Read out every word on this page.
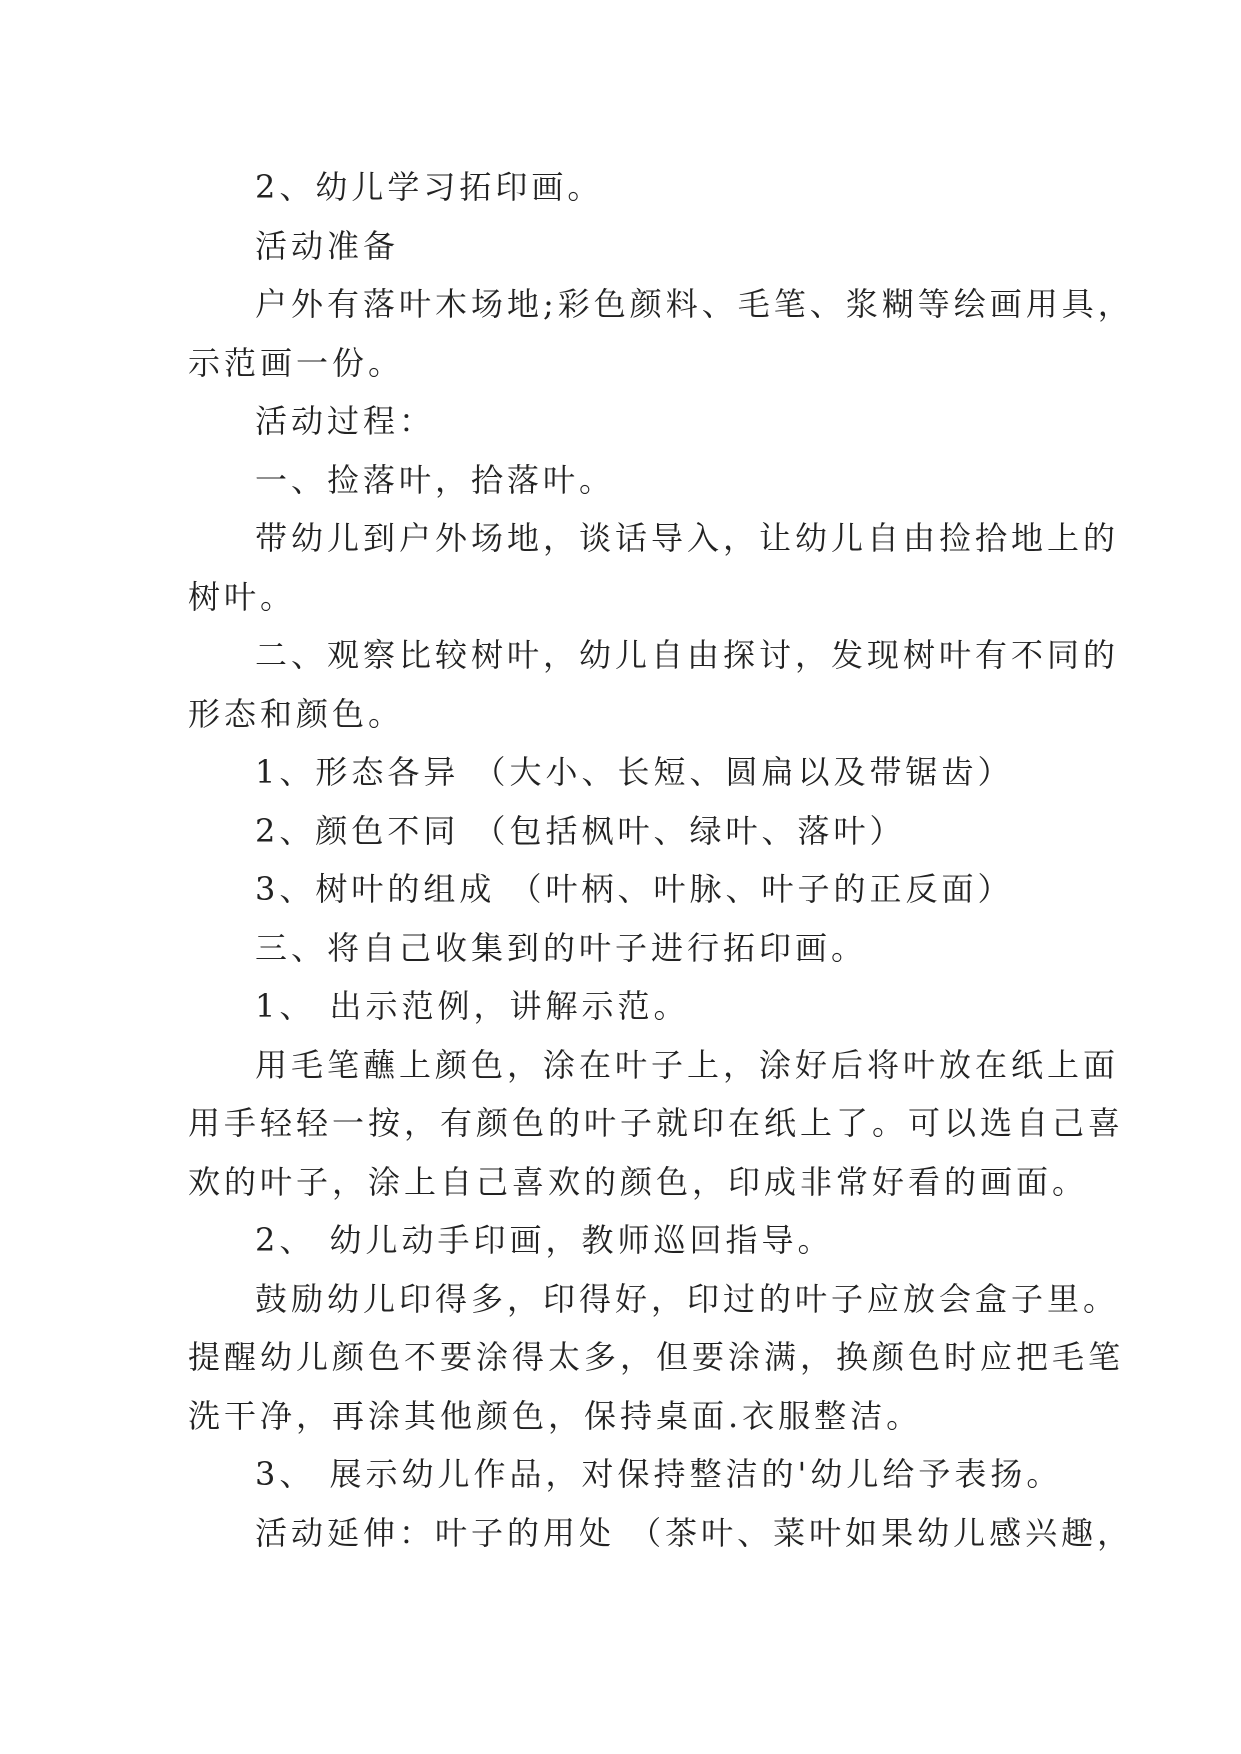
2、幼儿学习拓印画。
活动准备
户外有落叶木场地;彩色颜料、毛笔、浆糊等绘画用具，
示范画一份。
活动过程：
一、捡落叶，拾落叶。
带幼儿到户外场地，谈话导入，让幼儿自由捡拾地上的
树叶。
二、观察比较树叶，幼儿自由探讨，发现树叶有不同的
形态和颜色。
1、形态各异 （大小、长短、圆扁以及带锯齿）
2、颜色不同 （包括枫叶、绿叶、落叶）
3、树叶的组成 （叶柄、叶脉、叶子的正反面）
三、将自己收集到的叶子进行拓印画。
1、 出示范例，讲解示范。
用毛笔蘸上颜色，涂在叶子上，涂好后将叶放在纸上面
用手轻轻一按，有颜色的叶子就印在纸上了。可以选自己喜
欢的叶子，涂上自己喜欢的颜色，印成非常好看的画面。
2、 幼儿动手印画，教师巡回指导。
鼓励幼儿印得多，印得好，印过的叶子应放会盒子里。
提醒幼儿颜色不要涂得太多，但要涂满，换颜色时应把毛笔
洗干净，再涂其他颜色，保持桌面.衣服整洁。
3、 展示幼儿作品，对保持整洁的'幼儿给予表扬。
活动延伸：叶子的用处 （茶叶、菜叶如果幼儿感兴趣，
